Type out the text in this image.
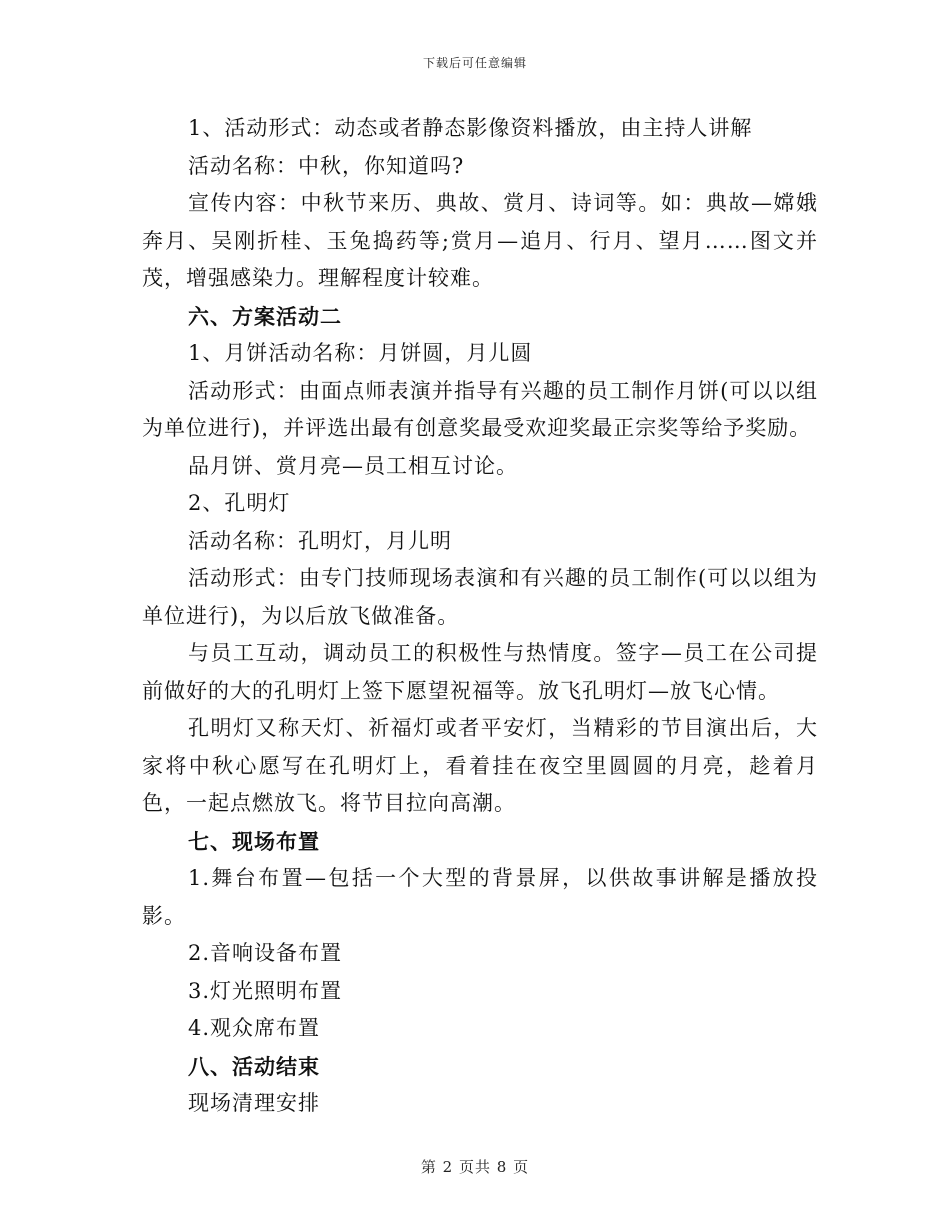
下载后可任意编辑

1、活动形式：动态或者静态影像资料播放，由主持人讲解

活动名称：中秋，你知道吗?

宣传内容：中秋节来历、典故、赏月、诗词等。如：典故—嫦娥奔月、吴刚折桂、玉兔捣药等;赏月—追月、行月、望月……图文并茂，增强感染力。理解程度计较难。

六、方案活动二

1、月饼活动名称：月饼圆，月儿圆

活动形式：由面点师表演并指导有兴趣的员工制作月饼(可以以组为单位进行)，并评选出最有创意奖最受欢迎奖最正宗奖等给予奖励。

品月饼、赏月亮—员工相互讨论。

2、孔明灯

活动名称：孔明灯，月儿明

活动形式：由专门技师现场表演和有兴趣的员工制作(可以以组为单位进行)，为以后放飞做准备。

与员工互动，调动员工的积极性与热情度。签字—员工在公司提前做好的大的孔明灯上签下愿望祝福等。放飞孔明灯—放飞心情。

孔明灯又称天灯、祈福灯或者平安灯，当精彩的节目演出后，大家将中秋心愿写在孔明灯上，看着挂在夜空里圆圆的月亮，趁着月色，一起点燃放飞。将节目拉向高潮。

七、现场布置

1.舞台布置—包括一个大型的背景屏，以供故事讲解是播放投影。

2.音响设备布置

3.灯光照明布置

4.观众席布置

八、活动结束

现场清理安排

第 2 页共 8 页
